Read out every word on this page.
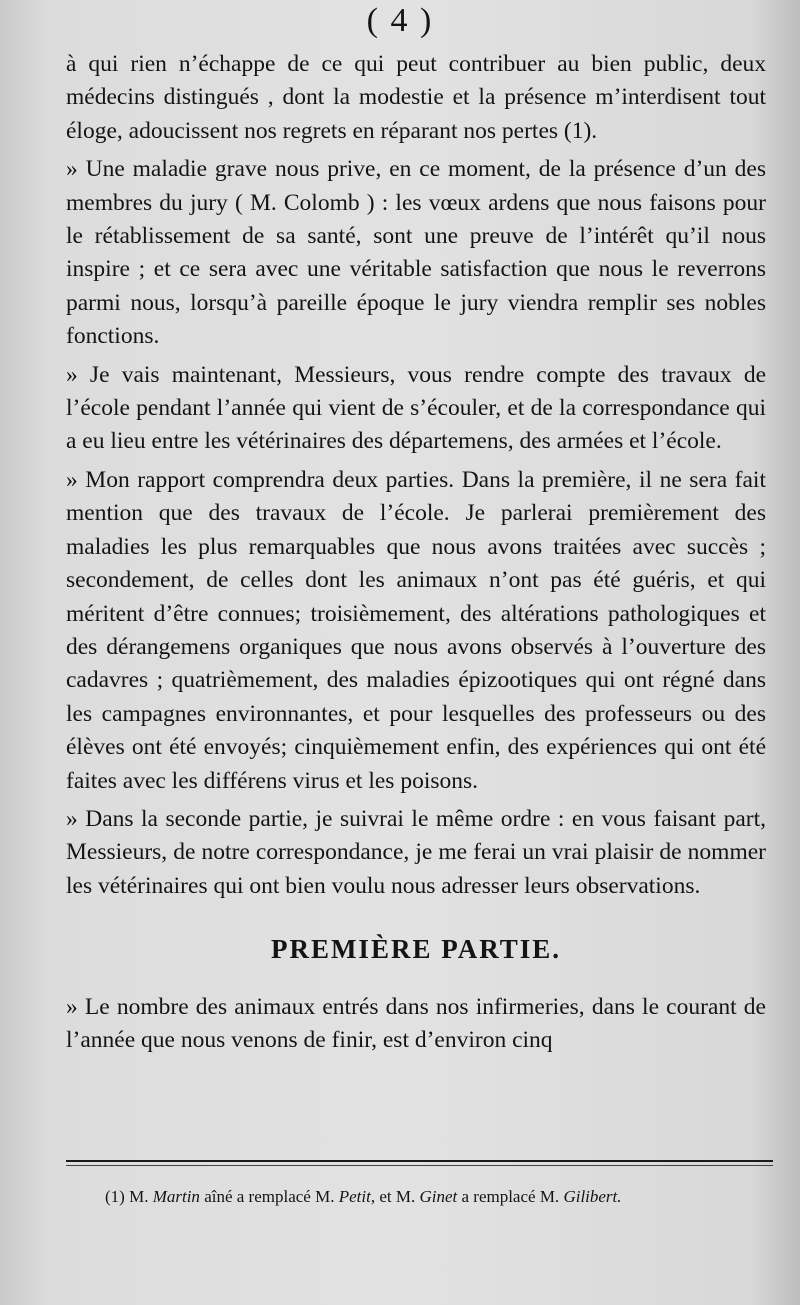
( 4 )

à qui rien n’échappe de ce qui peut contribuer au bien public, deux médecins distingués , dont la modestie et la présence m’interdisent tout éloge, adoucissent nos regrets en réparant nos pertes (1).

» Une maladie grave nous prive, en ce moment, de la présence d’un des membres du jury ( M. Colomb ) : les vœux ardens que nous faisons pour le rétablissement de sa santé, sont une preuve de l’intérêt qu’il nous inspire ; et ce sera avec une véritable satisfaction que nous le reverrons parmi nous, lorsqu’à pareille époque le jury viendra remplir ses nobles fonctions.

» Je vais maintenant, Messieurs, vous rendre compte des travaux de l’école pendant l’année qui vient de s’écouler, et de la correspondance qui a eu lieu entre les vétérinaires des départemens, des armées et l’école.

» Mon rapport comprendra deux parties. Dans la première, il ne sera fait mention que des travaux de l’école. Je parlerai premièrement des maladies les plus remarquables que nous avons traitées avec succès ; secondement, de celles dont les animaux n’ont pas été guéris, et qui méritent d’être connues; troisièmement, des altérations pathologiques et des dérangemens organiques que nous avons observés à l’ouverture des cadavres ; quatrièmement, des maladies épizootiques qui ont régné dans les campagnes environnantes, et pour lesquelles des professeurs ou des élèves ont été envoyés; cinquièmement enfin, des expériences qui ont été faites avec les différens virus et les poisons.

» Dans la seconde partie, je suivrai le même ordre : en vous faisant part, Messieurs, de notre correspondance, je me ferai un vrai plaisir de nommer les vétérinaires qui ont bien voulu nous adresser leurs observations.

PREMIÈRE PARTIE.

» Le nombre des animaux entrés dans nos infirmeries, dans le courant de l’année que nous venons de finir, est d’environ cinq

(1) M. Martin aîné a remplacé M. Petit, et M. Ginet a remplacé M. Gilibert.
